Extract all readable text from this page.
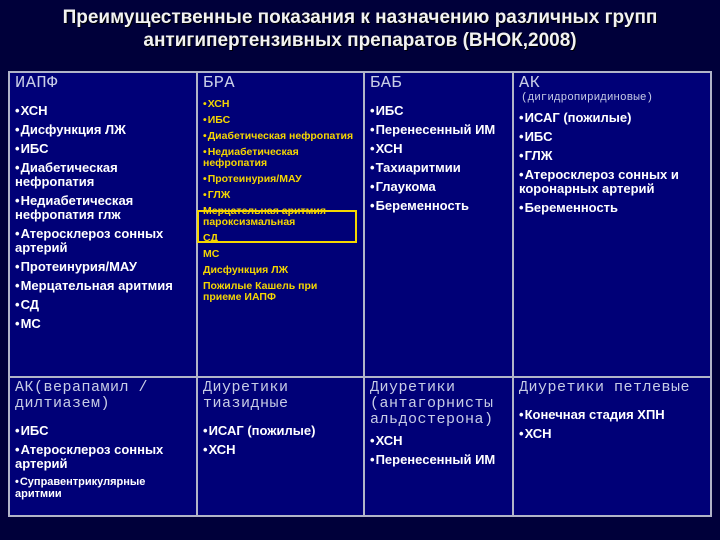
Преимущественные показания к назначению различных групп
антигипертензивных препаратов (ВНОК,2008)
ИАПФ
• ХСН
• Дисфункция ЛЖ
• ИБС
• Диабетическая нефропатия
• Недиабетическая нефропатия глж
• Атеросклероз сонных артерий
• Протеинурия/МАУ
• Мерцательная аритмия
• СД
• МС
БРА
• ХСН
• ИБС
• Диабетическая нефропатия
• Недиабетическая нефропатия
• Протеинурия/МАУ
• ГЛЖ
Мерцательная аритмия пароксизмальная
СД
МС
Дисфункция ЛЖ
Пожилые Кашель при приеме ИАПФ
БАБ
• ИБС
• Перенесенный ИМ
• ХСН
• Тахиаритмии
• Глаукома
• Беременность
АК
(дигидропиридиновые)
• ИСАГ (пожилые)
• ИБС
• ГЛЖ
• Атеросклероз сонных и коронарных артерий
• Беременность
АК(верапамил / дилтиазем)
• ИБС
• Атеросклероз сонных артерий
• Суправентрикулярные аритмии
Диуретики тиазидные
• ИСАГ (пожилые)
• ХСН
Диуретики (антагорнисты альдостерона)
• ХСН
• Перенесенный ИМ
Диуретики петлевые
• Конечная стадия ХПН
• ХСН
